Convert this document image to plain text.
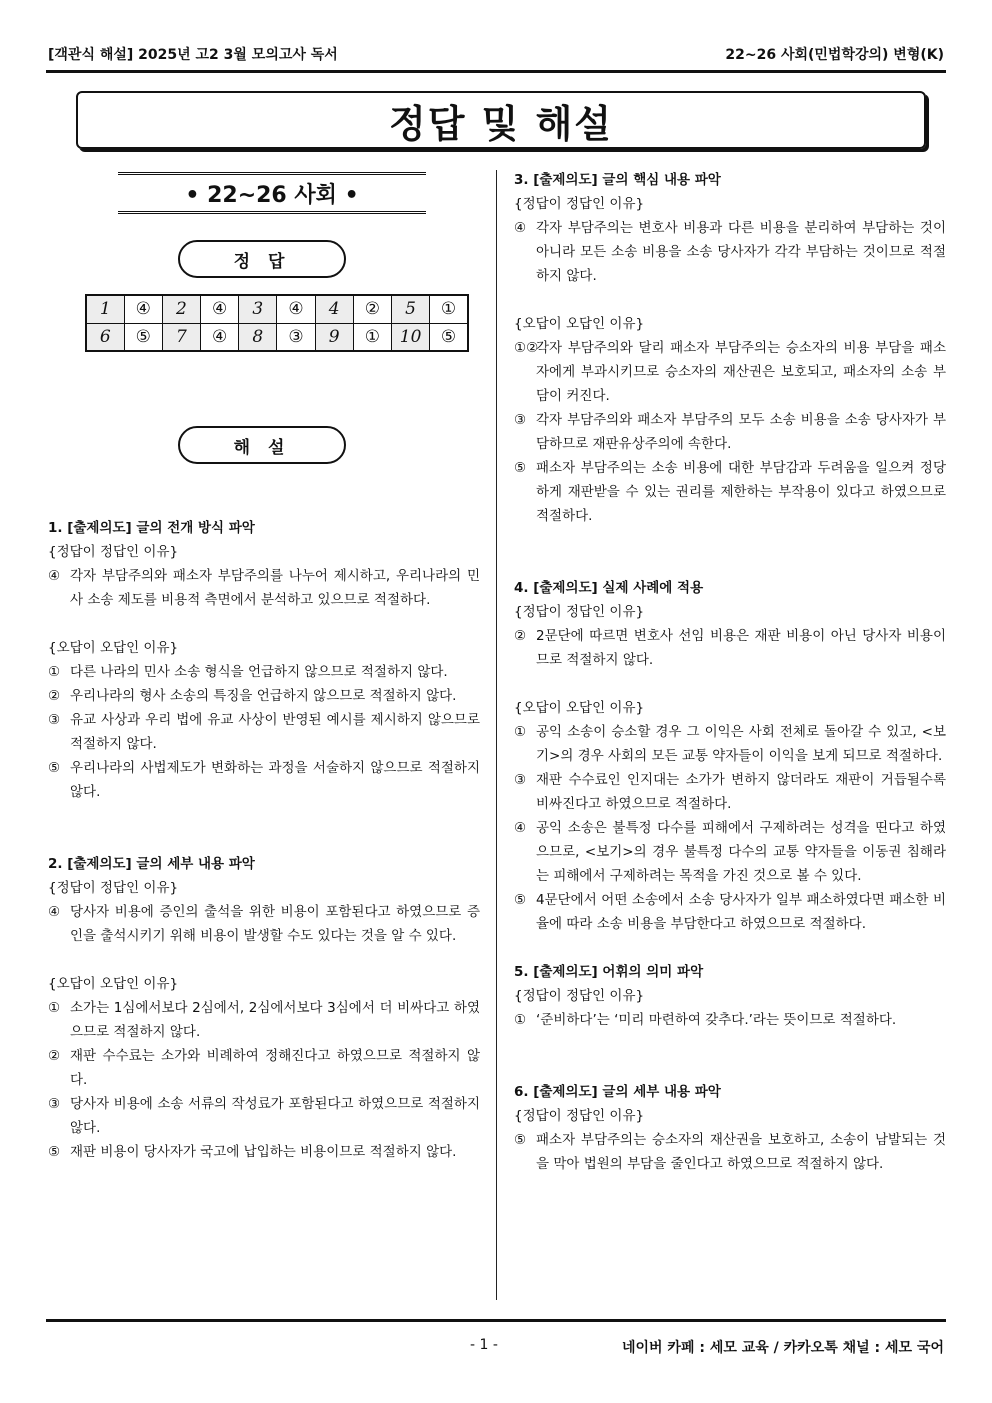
[객관식 해설] 2025년 고2 3월 모의고사 독서	22~26 사회(민법학강의) 변형(K)
정답 및 해설
• 22~26 사회 •
정 답
1	④	2	④	3	④	4	②	5	①
6	⑤	7	④	8	③	9	①	10	⑤
해 설
1. [출제의도] 글의 전개 방식 파악
{정답이 정답인 이유}
④ 각자 부담주의와 패소자 부담주의를 나누어 제시하고, 우리나라의 민사 소송 제도를 비용적 측면에서 분석하고 있으므로 적절하다.
{오답이 오답인 이유}
① 다른 나라의 민사 소송 형식을 언급하지 않으므로 적절하지 않다.
② 우리나라의 형사 소송의 특징을 언급하지 않으므로 적절하지 않다.
③ 유교 사상과 우리 법에 유교 사상이 반영된 예시를 제시하지 않으므로 적절하지 않다.
⑤ 우리나라의 사법제도가 변화하는 과정을 서술하지 않으므로 적절하지 않다.
2. [출제의도] 글의 세부 내용 파악
{정답이 정답인 이유}
④ 당사자 비용에 증인의 출석을 위한 비용이 포함된다고 하였으므로 증인을 출석시키기 위해 비용이 발생할 수도 있다는 것을 알 수 있다.
{오답이 오답인 이유}
① 소가는 1심에서보다 2심에서, 2심에서보다 3심에서 더 비싸다고 하였으므로 적절하지 않다.
② 재판 수수료는 소가와 비례하여 정해진다고 하였으므로 적절하지 않다.
③ 당사자 비용에 소송 서류의 작성료가 포함된다고 하였으므로 적절하지 않다.
⑤ 재판 비용이 당사자가 국고에 납입하는 비용이므로 적절하지 않다.
3. [출제의도] 글의 핵심 내용 파악
{정답이 정답인 이유}
④ 각자 부담주의는 변호사 비용과 다른 비용을 분리하여 부담하는 것이 아니라 모든 소송 비용을 소송 당사자가 각각 부담하는 것이므로 적절하지 않다.
{오답이 오답인 이유}
①②
각자 부담주의와 달리 패소자 부담주의는 승소자의 비용 부담을 패소자에게 부과시키므로 승소자의 재산권은 보호되고, 패소자의 소송 부담이 커진다.
③ 각자 부담주의와 패소자 부담주의 모두 소송 비용을 소송 당사자가 부담하므로 재판유상주의에 속한다.
⑤ 패소자 부담주의는 소송 비용에 대한 부담감과 두려움을 일으켜 정당하게 재판받을 수 있는 권리를 제한하는 부작용이 있다고 하였으므로 적절하다.
4. [출제의도] 실제 사례에 적용
{정답이 정답인 이유}
② 2문단에 따르면 변호사 선임 비용은 재판 비용이 아닌 당사자 비용이므로 적절하지 않다.
{오답이 오답인 이유}
① 공익 소송이 승소할 경우 그 이익은 사회 전체로 돌아갈 수 있고, <보기>의 경우 사회의 모든 교통 약자들이 이익을 보게 되므로 적절하다.
③ 재판 수수료인 인지대는 소가가 변하지 않더라도 재판이 거듭될수록 비싸진다고 하였으므로 적절하다.
④ 공익 소송은 불특정 다수를 피해에서 구제하려는 성격을 띤다고 하였으므로, <보기>의 경우 불특정 다수의 교통 약자들을 이동권 침해라는 피해에서 구제하려는 목적을 가진 것으로 볼 수 있다.
⑤ 4문단에서 어떤 소송에서 소송 당사자가 일부 패소하였다면 패소한 비율에 따라 소송 비용을 부담한다고 하였으므로 적절하다.
5. [출제의도] 어휘의 의미 파악
{정답이 정답인 이유}
① ‘준비하다’는 ‘미리 마련하여 갖추다.’라는 뜻이므로 적절하다.
6. [출제의도] 글의 세부 내용 파악
{정답이 정답인 이유}
⑤ 패소자 부담주의는 승소자의 재산권을 보호하고, 소송이 남발되는 것을 막아 법원의 부담을 줄인다고 하였으므로 적절하지 않다.
- 1 -	네이버 카페 : 세모 교육 / 카카오톡 채널 : 세모 국어
